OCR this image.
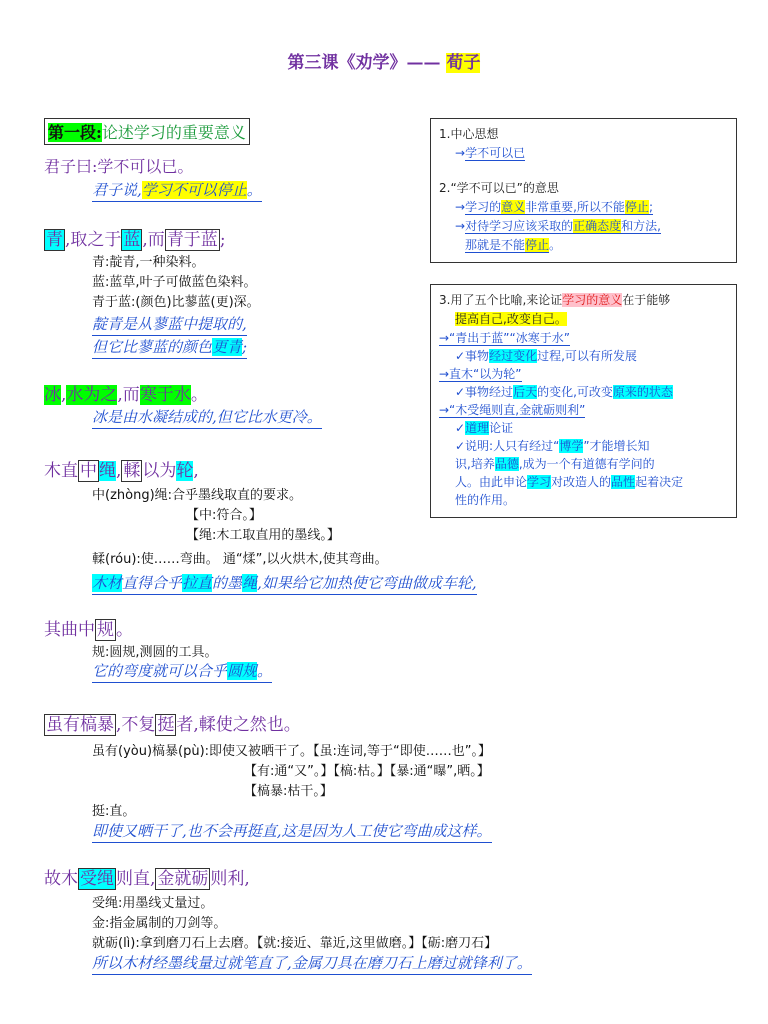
第三课《劝学》—— 荀子
第一段:论述学习的重要意义
君子曰:学不可以已。
君子说,学习不可以停止。
青 ,取之于 蓝 ,而 青于蓝 ;
青:靛青,一种染料。
蓝:蓝草,叶子可做蓝色染料。
青于蓝:(颜色)比蓼蓝(更)深。
靛青是从蓼蓝中提取的,
但它比蓼蓝的颜色更青;
冰,水为之,而寒于水。
冰是由水凝结成的,但它比水更冷。
木直 中 绳, 輮 以为轮,
中(zhòng)绳:合乎墨线取直的要求。
【中:符合。】
【绳:木工取直用的墨线。】
輮(róu):使……弯曲。 通“煣”,以火烘木,使其弯曲。
木材直得合乎拉直的墨绳,如果给它加热使它弯曲做成车轮,
其曲中 规 。
规:圆规,测圆的工具。
它的弯度就可以合乎圆规。
虽有槁暴 ,不复 挺 者,輮使之然也。
虽有(yòu)槁暴(pù):即使又被晒干了。【虽:连词,等于“即使……也”。】
【有:通“又”。】【槁:枯。】【暴:通“曝”,晒。】
【槁暴:枯干。】
挺:直。
即使又晒干了,也不会再挺直,这是因为人工使它弯曲成这样。
故木 受绳 则直, 金就砺 则利,
受绳:用墨线丈量过。
金:指金属制的刀剑等。
就砺(lì):拿到磨刀石上去磨。【就:接近、靠近,这里做磨。】【砺:磨刀石】
所以木材经墨线量过就笔直了,金属刀具在磨刀石上磨过就锋利了。
1.中心思想
→学不可以已
2.“学不可以已”的意思
→学习的意义非常重要,所以不能停止;
→对待学习应该采取的正确态度和方法,
那就是不能停止。
3.用了五个比喻,来论证学习的意义在于能够
提高自己,改变自己。
→“青出于蓝”“冰寒于水”
✓事物经过变化过程,可以有所发展
→直木“以为轮”
✓事物经过后天的变化,可改变原来的状态
→“木受绳则直,金就砺则利”
✓道理论证
✓说明:人只有经过“博学”才能增长知
识,培养品德,成为一个有道德有学问的
人。由此申论学习对改造人的品性起着决定
性的作用。
